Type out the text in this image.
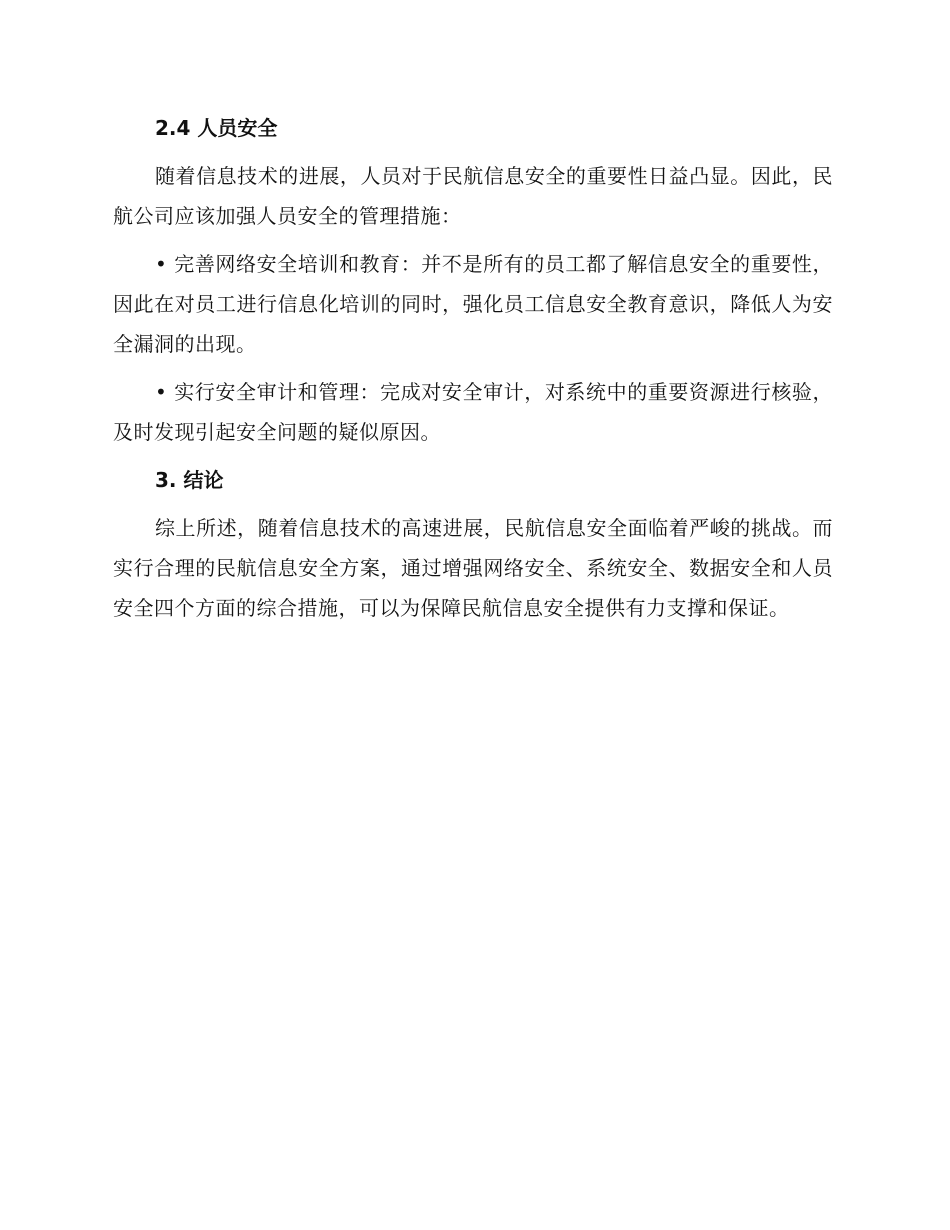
2.4 人员安全

随着信息技术的进展，人员对于民航信息安全的重要性日益凸显。因此，民航公司应该加强人员安全的管理措施：

• 完善网络安全培训和教育：并不是所有的员工都了解信息安全的重要性，因此在对员工进行信息化培训的同时，强化员工信息安全教育意识，降低人为安全漏洞的出现。

• 实行安全审计和管理：完成对安全审计，对系统中的重要资源进行核验，及时发现引起安全问题的疑似原因。

3. 结论

综上所述，随着信息技术的高速进展，民航信息安全面临着严峻的挑战。而实行合理的民航信息安全方案，通过增强网络安全、系统安全、数据安全和人员安全四个方面的综合措施，可以为保障民航信息安全提供有力支撑和保证。
